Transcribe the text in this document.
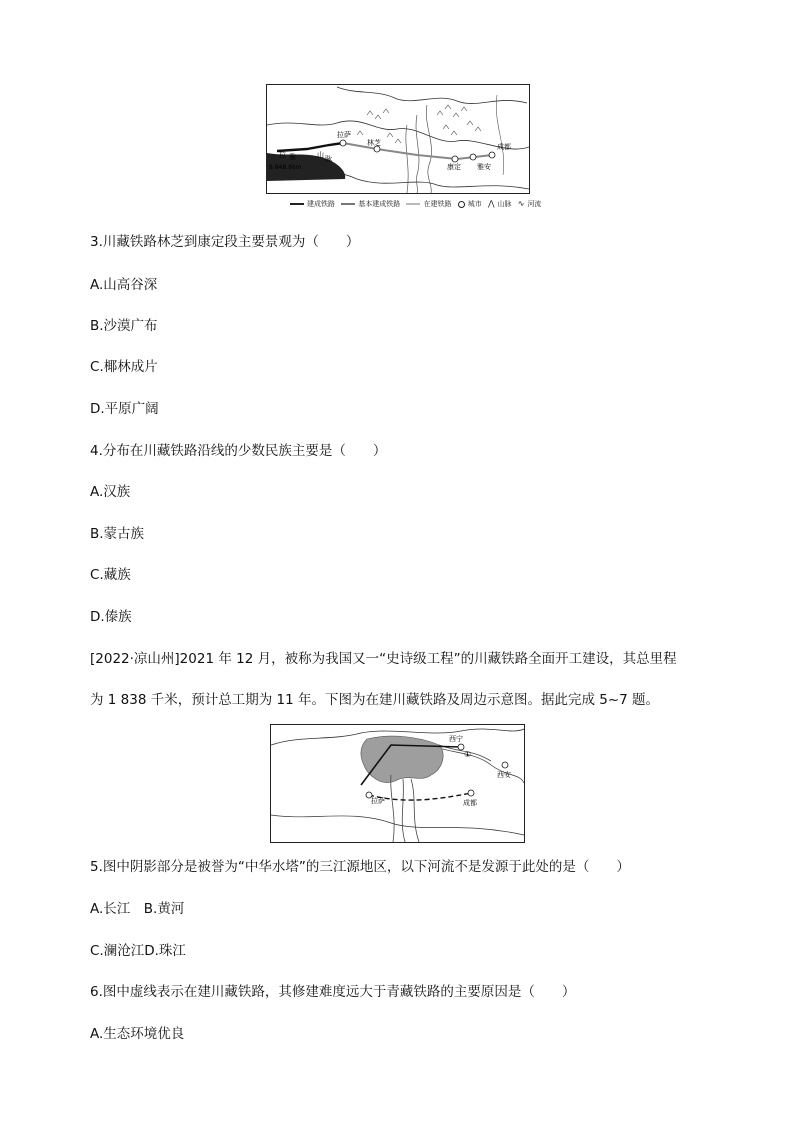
拉萨
林芝
康定 雅安
成都
山 脉
拉 雅
8 848.86m
建成铁路	基本建成铁路	在建铁路 城市 ⋀ 山脉 ∿ 河流
3.川藏铁路林芝到康定段主要景观为（　　）
A.山高谷深
B.沙漠广布
C.椰林成片
D.平原广阔
4.分布在川藏铁路沿线的少数民族主要是（　　）
A.汉族
B.蒙古族
C.藏族
D.傣族
[2022·凉山州]2021 年 12 月，被称为我国又一“史诗级工程”的川藏铁路全面开工建设，其总里程
为 1 838 千米，预计总工期为 11 年。下图为在建川藏铁路及周边示意图。据此完成 5~7 题。
西宁
拉萨	成都
西安
①
5.图中阴影部分是被誉为“中华水塔”的三江源地区，以下河流不是发源于此处的是（　　）
A.长江　B.黄河
C.澜沧江D.珠江
6.图中虚线表示在建川藏铁路，其修建难度远大于青藏铁路的主要原因是（　　）
A.生态环境优良
